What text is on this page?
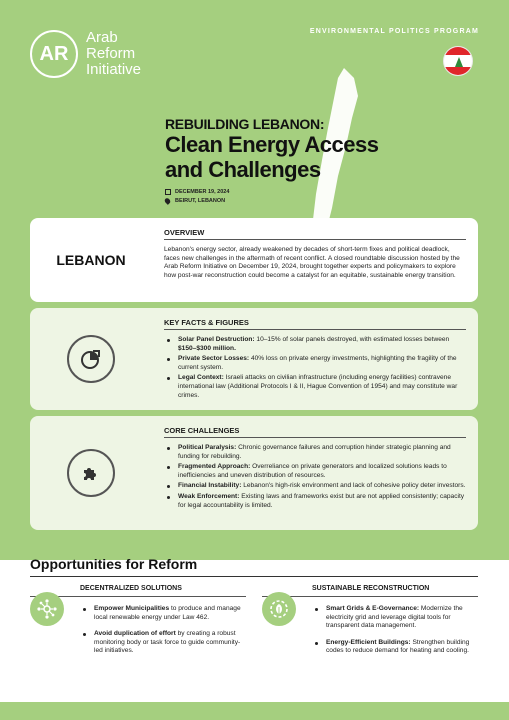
AR
Arab
Reform
Initiative
ENVIRONMENTAL POLITICS PROGRAM
REBUILDING LEBANON:
Clean Energy Access
and Challenges
DECEMBER 19, 2024
BEIRUT, LEBANON
LEBANON
OVERVIEW

Lebanon's energy sector, already weakened by decades of short-term fixes and political deadlock, faces new challenges in the aftermath of recent conflict. A closed roundtable discussion hosted by the Arab Reform Initiative on December 19, 2024, brought together experts and policymakers to explore how post-war reconstruction could become a catalyst for an equitable, sustainable energy transition.

KEY FACTS & FIGURES
Solar Panel Destruction: 10–15% of solar panels destroyed, with estimated losses between $150–$300 million.
Private Sector Losses: 40% loss on private energy investments, highlighting the fragility of the current system.
Legal Context: Israeli attacks on civilian infrastructure (including energy facilities) contravene international law (Additional Protocols I & II, Hague Convention of 1954) and may constitute war crimes.
CORE CHALLENGES
Political Paralysis: Chronic governance failures and corruption hinder strategic planning and funding for rebuilding.
Fragmented Approach: Overreliance on private generators and localized solutions leads to inefficiencies and uneven distribution of resources.
Financial Instability: Lebanon's high-risk environment and lack of cohesive policy deter investors.
Weak Enforcement: Existing laws and frameworks exist but are not applied consistently; capacity for legal accountability is limited.
Opportunities for Reform
DECENTRALIZED SOLUTIONS
Empower Municipalities to produce and manage local renewable energy under Law 462.
Avoid duplication of effort by creating a robust monitoring body or task force to guide community-led initiatives.
SUSTAINABLE RECONSTRUCTION
Smart Grids & E-Governance: Modernize the electricity grid and leverage digital tools for transparent data management.
Energy-Efficient Buildings: Strengthen building codes to reduce demand for heating and cooling.
